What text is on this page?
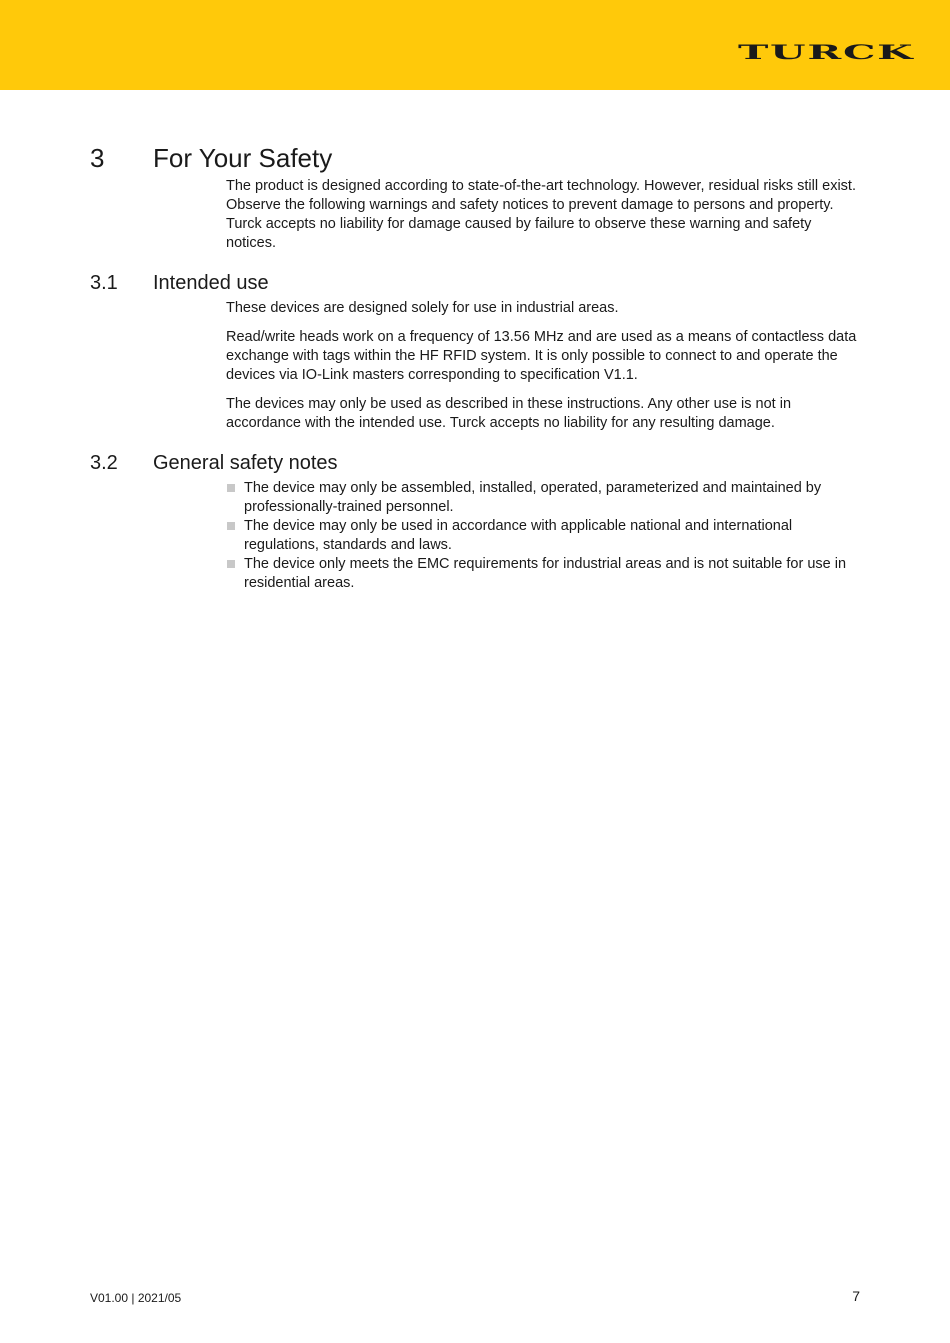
TURCK
3 For Your Safety

The product is designed according to state-of-the-art technology. However, residual risks still exist. Observe the following warnings and safety notices to prevent damage to persons and property. Turck accepts no liability for damage caused by failure to observe these warning and safety notices.

3.1 Intended use

These devices are designed solely for use in industrial areas.

Read/write heads work on a frequency of 13.56 MHz and are used as a means of contactless data exchange with tags within the HF RFID system. It is only possible to connect to and operate the devices via IO-Link masters corresponding to specification V1.1.

The devices may only be used as described in these instructions. Any other use is not in accordance with the intended use. Turck accepts no liability for any resulting damage.

3.2 General safety notes
The device may only be assembled, installed, operated, parameterized and maintained by professionally-trained personnel.
The device may only be used in accordance with applicable national and international regulations, standards and laws.
The device only meets the EMC requirements for industrial areas and is not suitable for use in residential areas.
V01.00 | 2021/05	7
